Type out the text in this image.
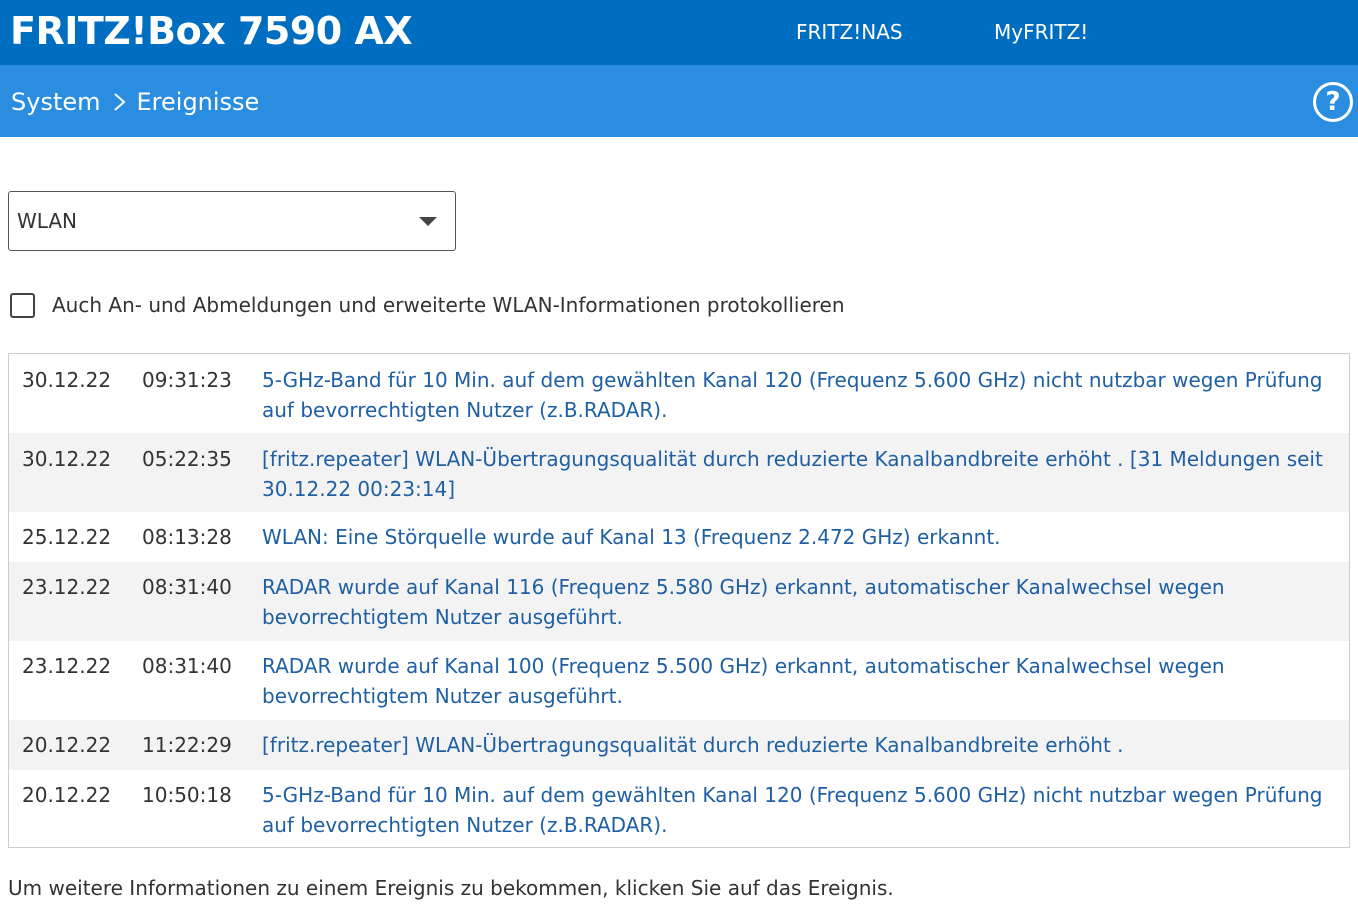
FRITZ!Box 7590 AX	FRITZ!NAS	MyFRITZ!
System Ereignisse	?
WLAN
Auch An- und Abmeldungen und erweiterte WLAN-Informationen protokollieren
30.12.22 09:31:23 5-GHz-Band für 10 Min. auf dem gewählten Kanal 120 (Frequenz 5.600 GHz) nicht nutzbar wegen Prüfung auf bevorrechtigten Nutzer (z.B.RADAR).
30.12.22 05:22:35 [fritz.repeater] WLAN-Übertragungsqualität durch reduzierte Kanalbandbreite erhöht . [31 Meldungen seit 30.12.22 00:23:14]
25.12.22 08:13:28 WLAN: Eine Störquelle wurde auf Kanal 13 (Frequenz 2.472 GHz) erkannt.
23.12.22 08:31:40 RADAR wurde auf Kanal 116 (Frequenz 5.580 GHz) erkannt, automatischer Kanalwechsel wegen bevorrechtigtem Nutzer ausgeführt.
23.12.22 08:31:40 RADAR wurde auf Kanal 100 (Frequenz 5.500 GHz) erkannt, automatischer Kanalwechsel wegen bevorrechtigtem Nutzer ausgeführt.
20.12.22 11:22:29 [fritz.repeater] WLAN-Übertragungsqualität durch reduzierte Kanalbandbreite erhöht .
20.12.22 10:50:18 5-GHz-Band für 10 Min. auf dem gewählten Kanal 120 (Frequenz 5.600 GHz) nicht nutzbar wegen Prüfung auf bevorrechtigten Nutzer (z.B.RADAR).
Um weitere Informationen zu einem Ereignis zu bekommen, klicken Sie auf das Ereignis.
